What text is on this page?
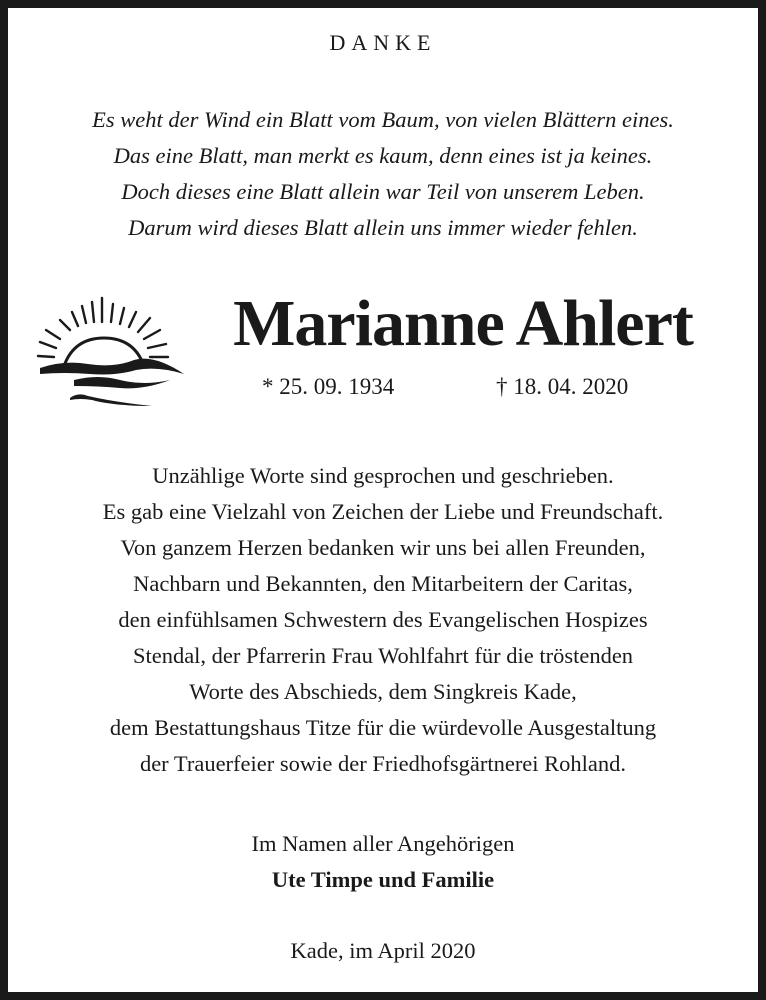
DANKE
Es weht der Wind ein Blatt vom Baum, von vielen Blättern eines.
Das eine Blatt, man merkt es kaum, denn eines ist ja keines.
Doch dieses eine Blatt allein war Teil von unserem Leben.
Darum wird dieses Blatt allein uns immer wieder fehlen.
Marianne Ahlert
* 25. 09. 1934	† 18. 04. 2020
Unzählige Worte sind gesprochen und geschrieben.
Es gab eine Vielzahl von Zeichen der Liebe und Freundschaft.
Von ganzem Herzen bedanken wir uns bei allen Freunden,
Nachbarn und Bekannten, den Mitarbeitern der Caritas,
den einfühlsamen Schwestern des Evangelischen Hospizes
Stendal, der Pfarrerin Frau Wohlfahrt für die tröstenden
Worte des Abschieds, dem Singkreis Kade,
dem Bestattungshaus Titze für die würdevolle Ausgestaltung
der Trauerfeier sowie der Friedhofsgärtnerei Rohland.
Im Namen aller Angehörigen
Ute Timpe und Familie
Kade, im April 2020
